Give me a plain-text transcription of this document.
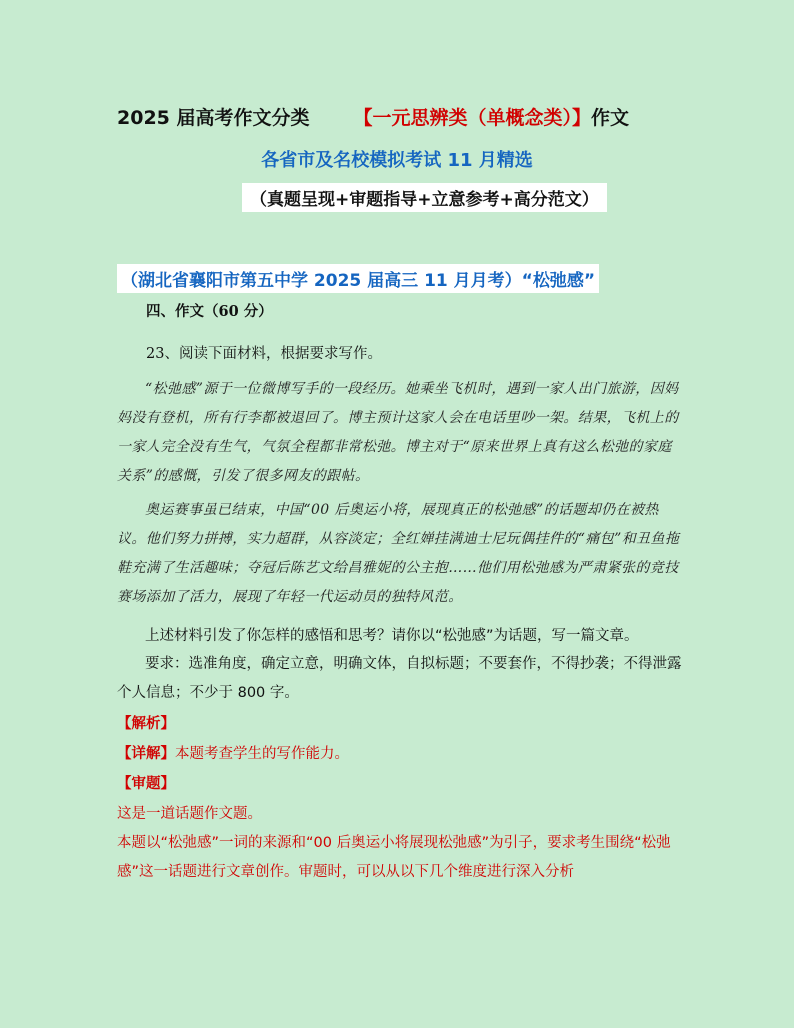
2025 届高考作文分类 【一元思辨类（单概念类）】作文
各省市及名校模拟考试 11 月精选
（真题呈现+审题指导+立意参考+高分范文）
（湖北省襄阳市第五中学 2025 届高三 11 月月考）“松弛感”
四、作文（60 分）
23、阅读下面材料，根据要求写作。
“松弛感”源于一位微博写手的一段经历。她乘坐飞机时，遇到一家人出门旅游，因妈妈没有登机，所有行李都被退回了。博主预计这家人会在电话里吵一架。结果，飞机上的一家人完全没有生气，气氛全程都非常松弛。博主对于“原来世界上真有这么松弛的家庭关系”的感慨，引发了很多网友的跟帖。
奥运赛事虽已结束，中国“00 后奥运小将，展现真正的松弛感”的话题却仍在被热议。他们努力拼搏，实力超群，从容淡定；全红婵挂满迪士尼玩偶挂件的“痛包”和丑鱼拖鞋充满了生活趣味；夺冠后陈艺文给昌雅妮的公主抱……他们用松弛感为严肃紧张的竞技赛场添加了活力，展现了年轻一代运动员的独特风范。
上述材料引发了你怎样的感悟和思考？请你以“松弛感”为话题，写一篇文章。
要求：选准角度，确定立意，明确文体，自拟标题；不要套作，不得抄袭；不得泄露个人信息；不少于 800 字。
【解析】
【详解】本题考查学生的写作能力。
【审题】
这是一道话题作文题。
本题以“松弛感”一词的来源和“00 后奥运小将展现松弛感”为引子，要求考生围绕“松弛感”这一话题进行文章创作。审题时，可以从以下几个维度进行深入分析
